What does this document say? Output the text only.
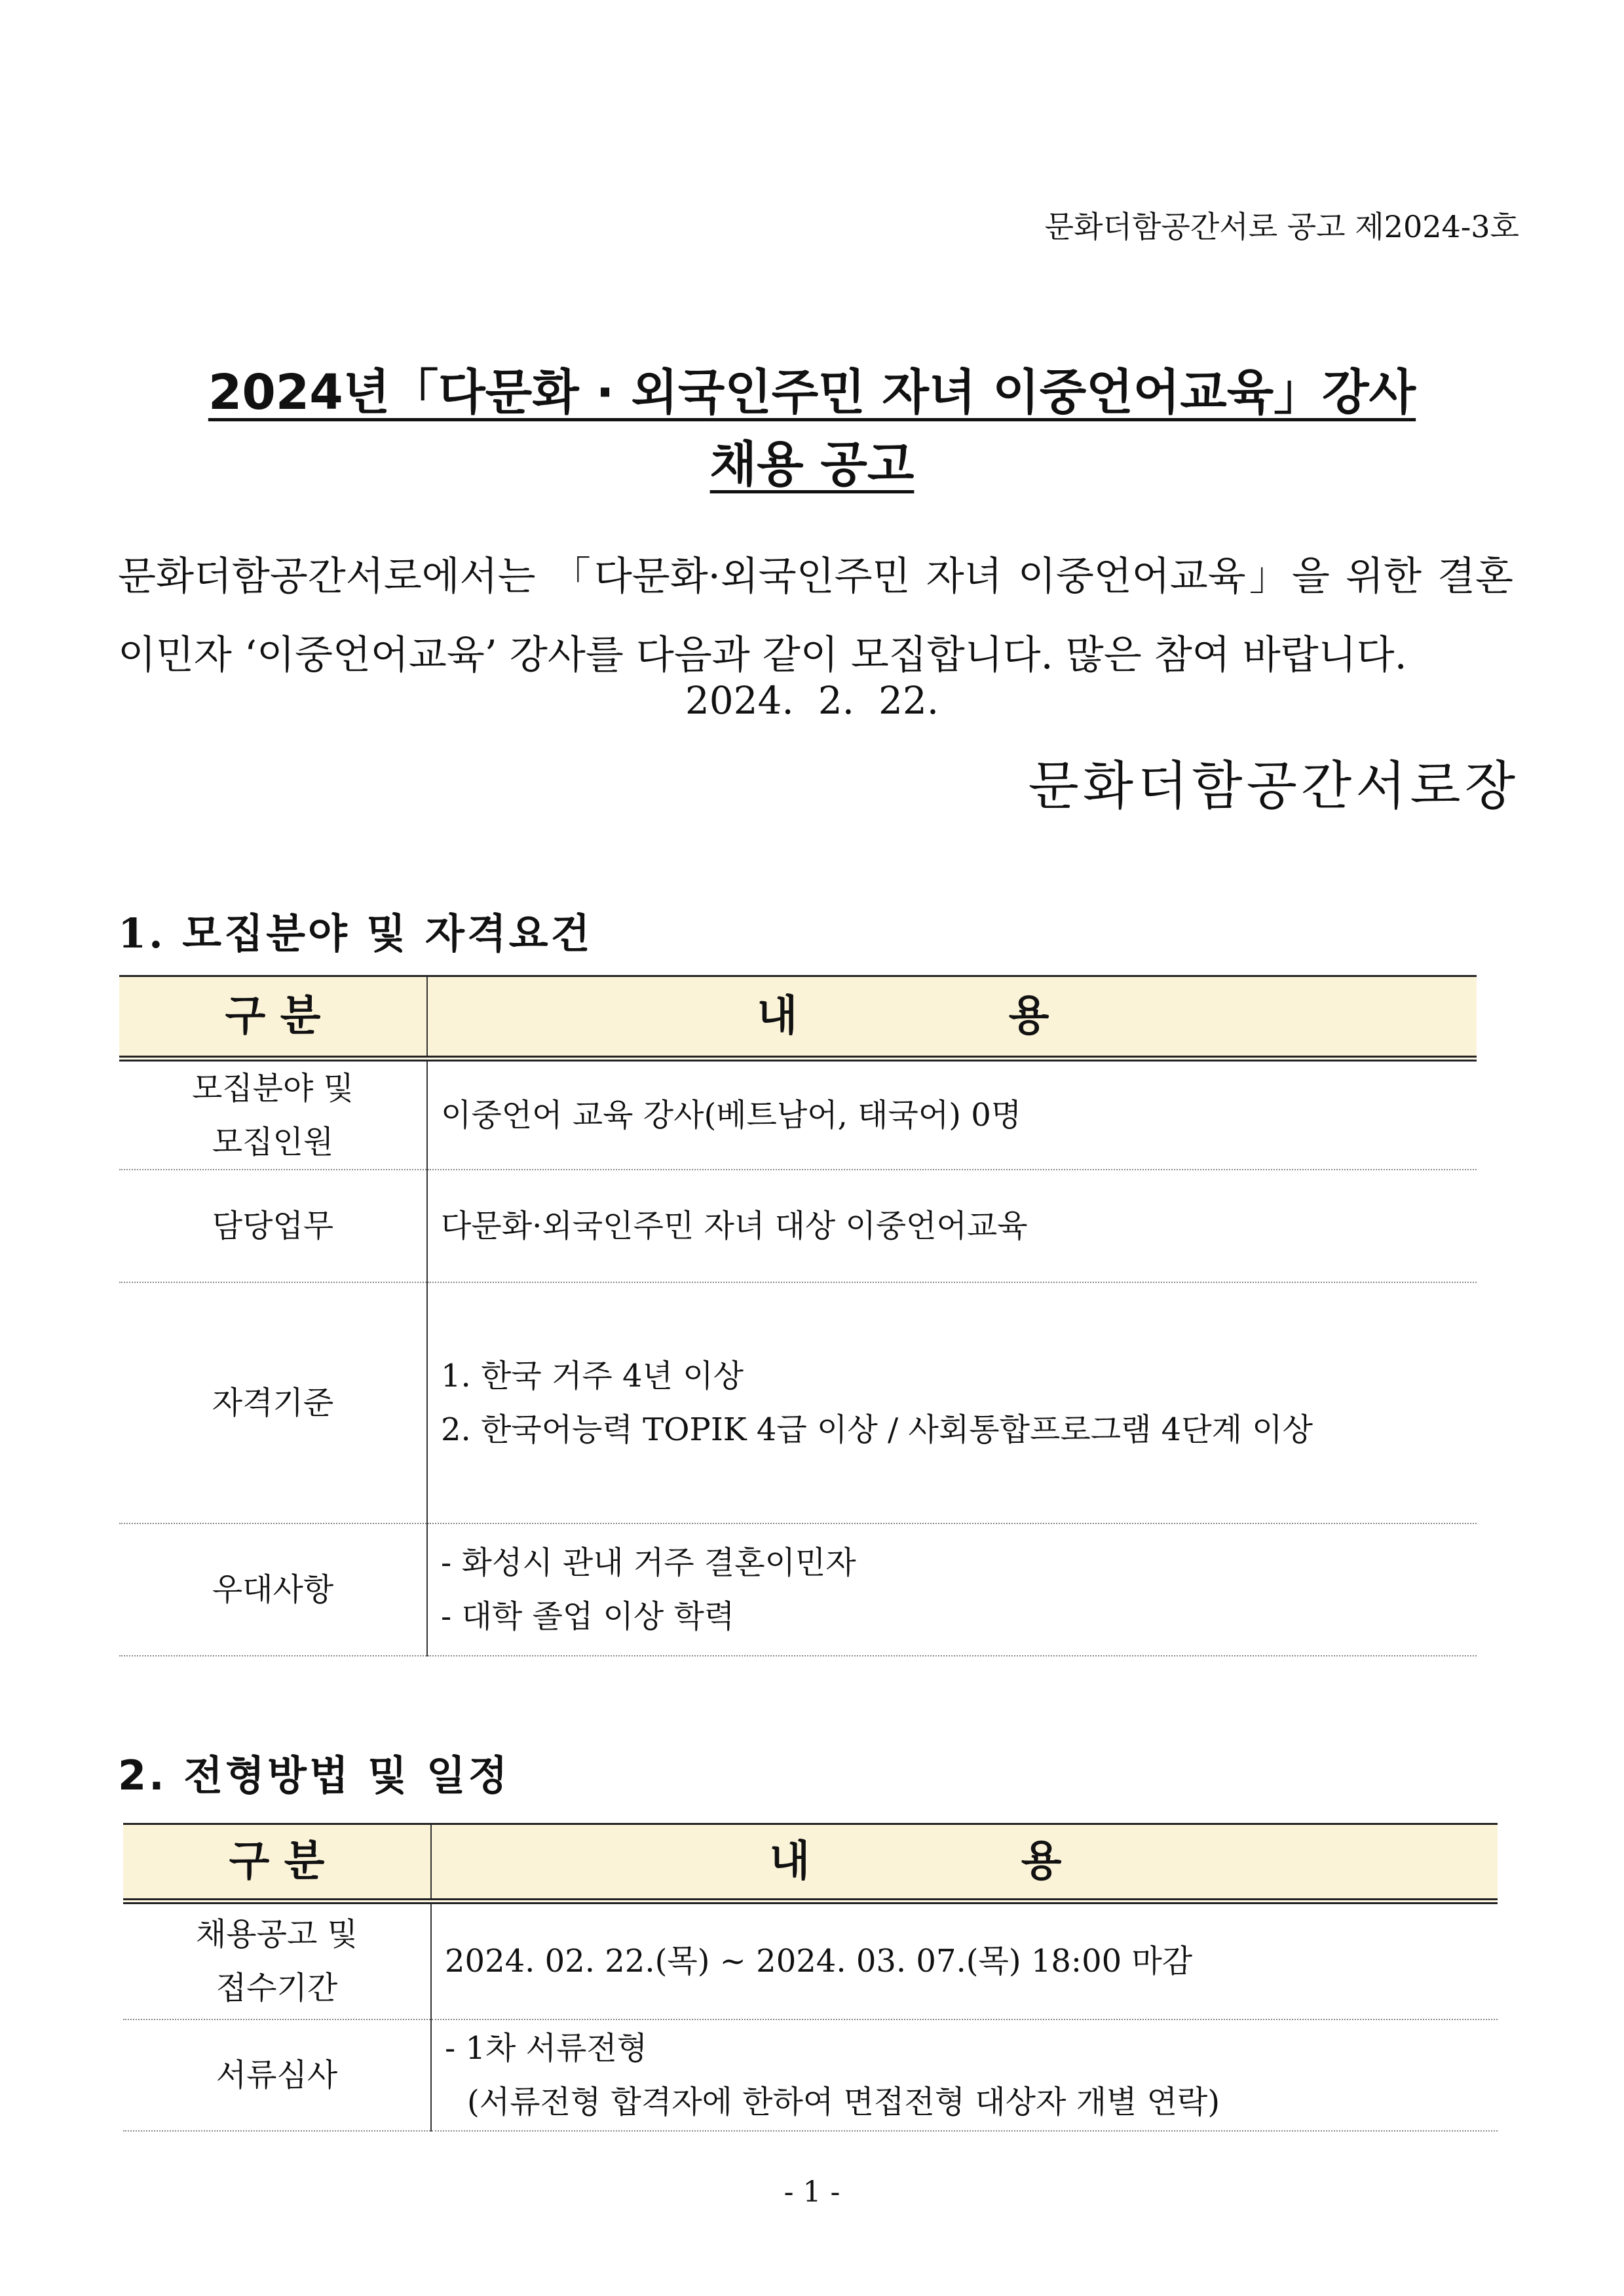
문화더함공간서로 공고 제2024-3호
2024년「다문화 · 외국인주민 자녀 이중언어교육」강사
채용 공고
문화더함공간서로에서는 「다문화·외국인주민 자녀 이중언어교육」을 위한 결혼
이민자 ‘이중언어교육’ 강사를 다음과 같이 모집합니다. 많은 참여 바랍니다.
2024.  2.  22.
문화더함공간서로장
1. 모집분야 및 자격요건
구 분	내 용

모집분야 및
모집인원	이중언어 교육 강사(베트남어, 태국어) 0명
담당업무	다문화·외국인주민 자녀 대상 이중언어교육
자격기준	1. 한국 거주 4년 이상
2. 한국어능력 TOPIK 4급 이상 / 사회통합프로그램 4단계 이상

우대사항	- 화성시 관내 거주 결혼이민자
- 대학 졸업 이상 학력
2. 전형방법 및 일정
구 분	내 용

채용공고 및
접수기간	2024. 02. 22.(목) ~ 2024. 03. 07.(목) 18:00 마감
서류심사	- 1차 서류전형
(서류전형 합격자에 한하여 면접전형 대상자 개별 연락)
- 1 -
